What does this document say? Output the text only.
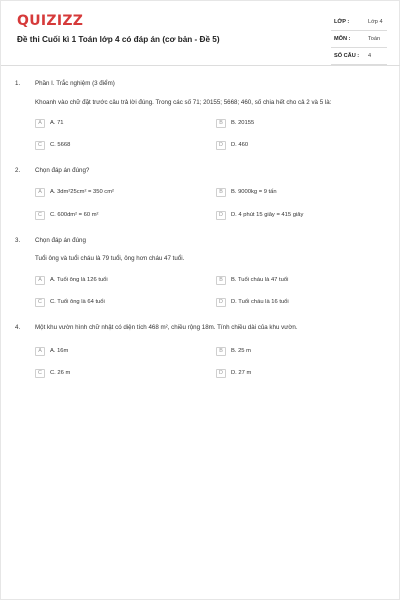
QUIZIZZ
Đề thi Cuối kì 1 Toán lớp 4 có đáp án (cơ bản - Đề 5)
LỚP :	Lớp 4
MÔN :	Toán
SỐ CÂU : 4
1. Phần I. Trắc nghiệm (3 điểm)
Khoanh vào chữ đặt trước câu trả lời đúng. Trong các số 71; 20155; 5668; 460, số chia hết cho cả 2 và 5 là:
A	A. 71	B	B. 20155
C	C. 5668	D	D. 460
2. Chọn đáp án đúng?
A	A. 3dm²25cm² = 350 cm²	B	B. 9000kg = 9 tấn
C	C. 600dm² = 60 m²	D	D. 4 phút 15 giây = 415 giây
3. Chọn đáp án đúng
Tuổi ông và tuổi cháu là 79 tuổi, ông hơn cháu 47 tuổi.
A	A. Tuổi ông là 126 tuổi	B	B. Tuổi cháu là 47 tuổi
C	C. Tuổi ông là 64 tuổi	D	D. Tuổi cháu là 16 tuổi
4. Một khu vườn hình chữ nhật có diện tích 468 m², chiều rộng 18m. Tính chiều dài của khu vườn.
A	A. 16m	B	B. 25 m
C	C. 26 m	D	D. 27 m
